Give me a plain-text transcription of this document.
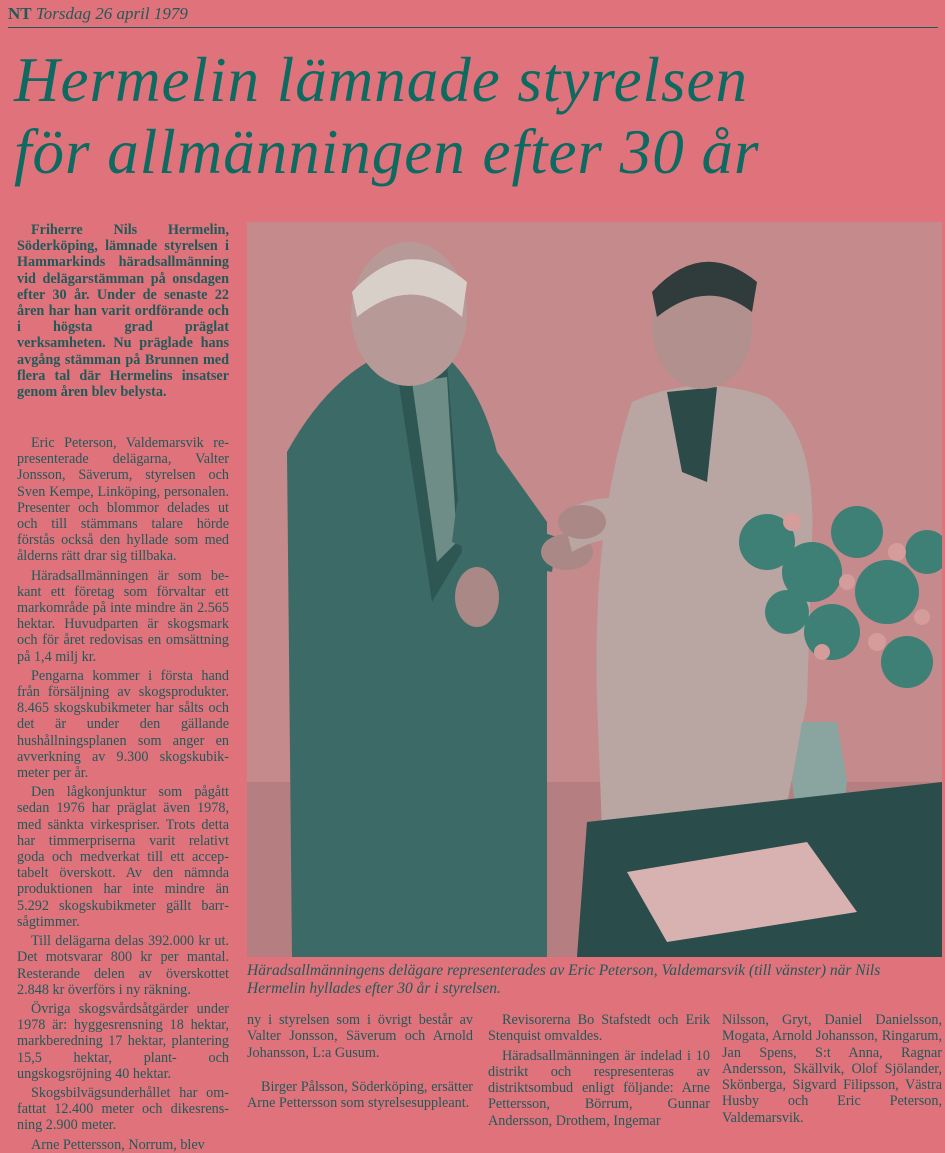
NT Torsdag 26 april 1979
Hermelin lämnade styrelsen
för allmänningen efter 30 år

Friherre Nils Hermelin, Söderköping, lämnade styrelsen i Hammarkinds häradsallmänning vid delägarstämman på onsdagen efter 30 år. Under de senaste 22 åren har han varit ordförande och i högsta grad präglat verksamheten. Nu präglade hans avgång stämman på Brunnen med flera tal där Hermelins insatser genom åren blev belysta.

Eric Peterson, Valdemarsvik representerade delägarna, Valter Jonsson, Säverum, styrelsen och Sven Kempe, Linköping, personalen. Presenter och blommor delades ut och till stämmans talare hörde förstås också den hyllade som med ålderns rätt drar sig tillbaka.

Häradsallmänningen är som bekant ett företag som förvaltar ett markområde på inte mindre än 2.565 hektar. Huvudparten är skogsmark och för året redovisas en omsättning på 1,4 milj kr.

Pengarna kommer i första hand från försäljning av skogsprodukter. 8.465 skogskubikmeter har sålts och det är under den gällande hushållningsplanen som anger en avverkning av 9.300 skogskubikmeter per år.

Den lågkonjunktur som pågått sedan 1976 har präglat även 1978, med sänkta virkespriser. Trots detta har timmerpriserna varit relativt goda och medverkat till ett acceptabelt överskott. Av den nämnda produktionen har inte mindre än 5.292 skogskubikmeter gällt barrsågtimmer.

Till delägarna delas 392.000 kr ut. Det motsvarar 800 kr per mantal. Resterande delen av överskottet 2.848 kr överförs i ny räkning.

Övriga skogsvårdsåtgärder under 1978 är: hyggesrensning 18 hektar, markberedning 17 hektar, plantering 15,5 hektar, plant- och ungskogsröjning 40 hektar.

Skogsbilvägsunderhållet har omfattat 12.400 meter och dikesrensning 2.900 meter.

Arne Pettersson, Norrum, blev

Häradsallmänningens delägare representerades av Eric Peterson, Valdemarsvik (till vänster) när Nils Hermelin hyllades efter 30 år i styrelsen.

ny i styrelsen som i övrigt består av Valter Jonsson, Säverum och Arnold Johansson, L:a Gusum.

Birger Pålsson, Söderköping, ersätter Arne Pettersson som styrelsesuppleant.

Revisorerna Bo Stafstedt och Erik Stenquist omvaldes.

Häradsallmänningen är indelad i 10 distrikt och respresenteras av distriktsombud enligt följande: Arne Pettersson, Börrum, Gunnar Andersson, Drothem, Ingemar

Nilsson, Gryt, Daniel Danielsson, Mogata, Arnold Johansson, Ringarum, Jan Spens, S:t Anna, Ragnar Andersson, Skällvik, Olof Sjölander, Skönberga, Sigvard Filipsson, Västra Husby och Eric Peterson, Valdemarsvik.
